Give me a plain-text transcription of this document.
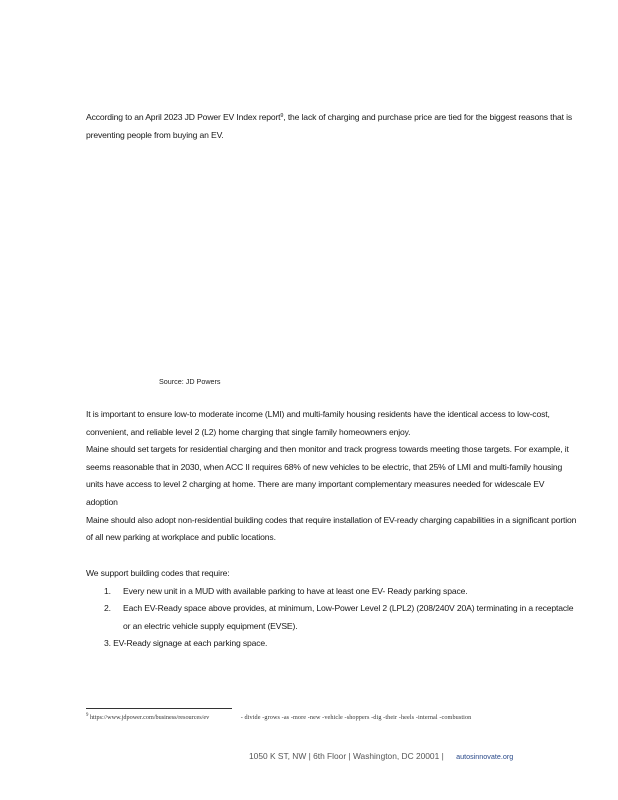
According to an April 2023 JD Power EV Index report$^9$, the lack of charging and purchase price are tied for the biggest reasons that is preventing people from buying an EV.
Source: JD Powers

It is important to ensure low-to moderate income (LMI) and multi-family housing residents have the identical access to low-cost, convenient, and reliable level 2 (L2) home charging that single family homeowners enjoy.

Maine should set targets for residential charging and then monitor and track progress towards meeting those targets. For example, it seems reasonable that in 2030, when ACC II requires 68% of new vehicles to be electric, that 25% of LMI and multi-family housing units have access to level 2 charging at home. There are many important complementary measures needed for widescale EV adoption

Maine should also adopt non-residential building codes that require installation of EV-ready charging capabilities in a significant portion of all new parking at workplace and public locations.

We support building codes that require:

1. Every new unit in a MUD with available parking to have at least one EV- Ready parking space.
2. Each EV-Ready space above provides, at minimum, Low-Power Level 2 (LPL2) (208/240V 20A) terminating in a receptacle or an electric vehicle supply equipment (EVSE).
3. EV-Ready signage at each parking space.
$^9$ https://www.jdpower.com/business/resources/ev	- divide -grows -as -more -new -vehicle -shoppers -dig -their -heels -internal -combustion
1050 K ST, NW | 6th Floor | Washington, DC 20001 | autosinnovate.org
